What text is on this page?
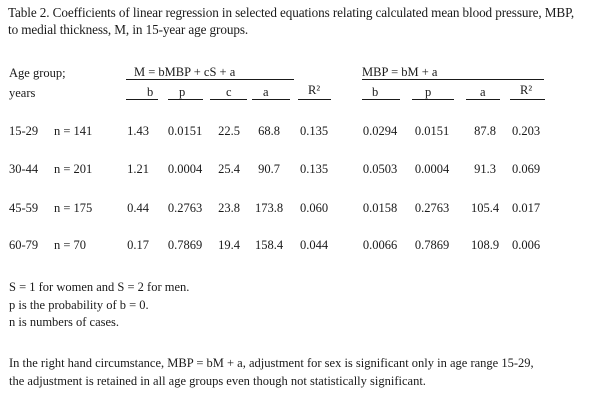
Table 2. Coefficients of linear regression in selected equations relating calculated mean blood pressure, MBP,
to medial thickness, M, in 15-year age groups.
Age group;
years
M = bMBP + cS + a	MBP = bM + a
b p	c	a	R²	b	p	a	R²
15-29 n = 141	1.43	0.0151	22.5	68.8	0.135	0.0294	0.0151	87.8	0.203
30-44 n = 201	1.21	0.0004	25.4	90.7	0.135	0.0503	0.0004	91.3	0.069
45-59 n = 175	0.44	0.2763	23.8	173.8	0.060	0.0158	0.2763	105.4	0.017
60-79 n = 70	0.17	0.7869	19.4	158.4	0.044	0.0066	0.7869	108.9	0.006
S = 1 for women and S = 2 for men.
p is the probability of b = 0.
n is numbers of cases.
In the right hand circumstance, MBP = bM + a, adjustment for sex is significant only in age range 15-29,
the adjustment is retained in all age groups even though not statistically significant.
